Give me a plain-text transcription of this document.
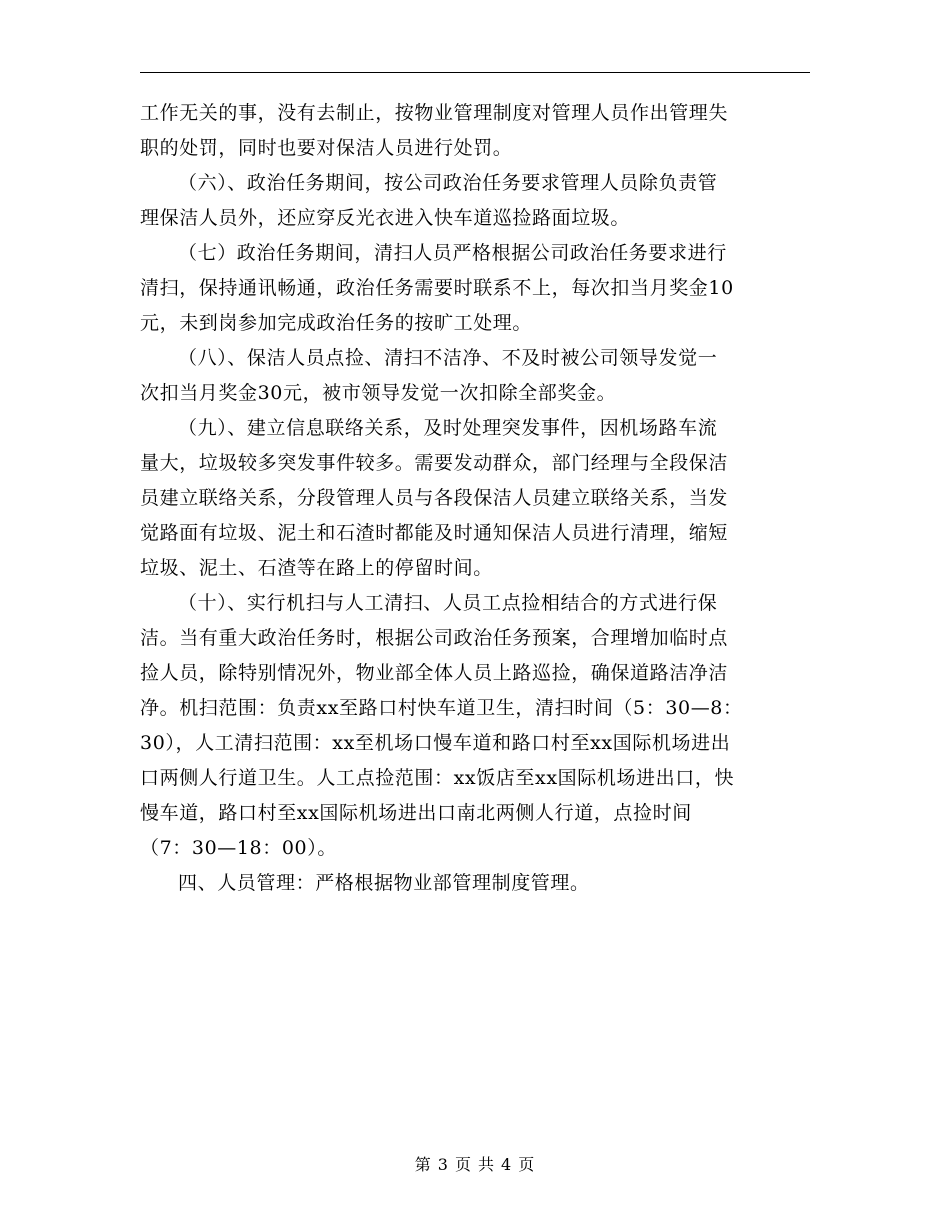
工作无关的事，没有去制止，按物业管理制度对管理人员作出管理失
职的处罚，同时也要对保洁人员进行处罚。

（六）、政治任务期间，按公司政治任务要求管理人员除负责管
理保洁人员外，还应穿反光衣进入快车道巡捡路面垃圾。

（七）政治任务期间，清扫人员严格根据公司政治任务要求进行
清扫，保持通讯畅通，政治任务需要时联系不上，每次扣当月奖金10
元，未到岗参加完成政治任务的按旷工处理。

（八）、保洁人员点捡、清扫不洁净、不及时被公司领导发觉一
次扣当月奖金30元，被市领导发觉一次扣除全部奖金。

（九）、建立信息联络关系，及时处理突发事件，因机场路车流
量大，垃圾较多突发事件较多。需要发动群众，部门经理与全段保洁
员建立联络关系，分段管理人员与各段保洁人员建立联络关系，当发
觉路面有垃圾、泥土和石渣时都能及时通知保洁人员进行清理，缩短
垃圾、泥土、石渣等在路上的停留时间。

（十）、实行机扫与人工清扫、人员工点捡相结合的方式进行保
洁。当有重大政治任务时，根据公司政治任务预案，合理增加临时点
捡人员，除特别情况外，物业部全体人员上路巡捡，确保道路洁净洁
净。机扫范围：负责xx至路口村快车道卫生，清扫时间（5：30—8：
30），人工清扫范围：xx至机场口慢车道和路口村至xx国际机场进出
口两侧人行道卫生。人工点捡范围：xx饭店至xx国际机场进出口，快
慢车道，路口村至xx国际机场进出口南北两侧人行道，点捡时间
（7：30—18：00）。

四、人员管理：严格根据物业部管理制度管理。

第 3 页 共 4 页
